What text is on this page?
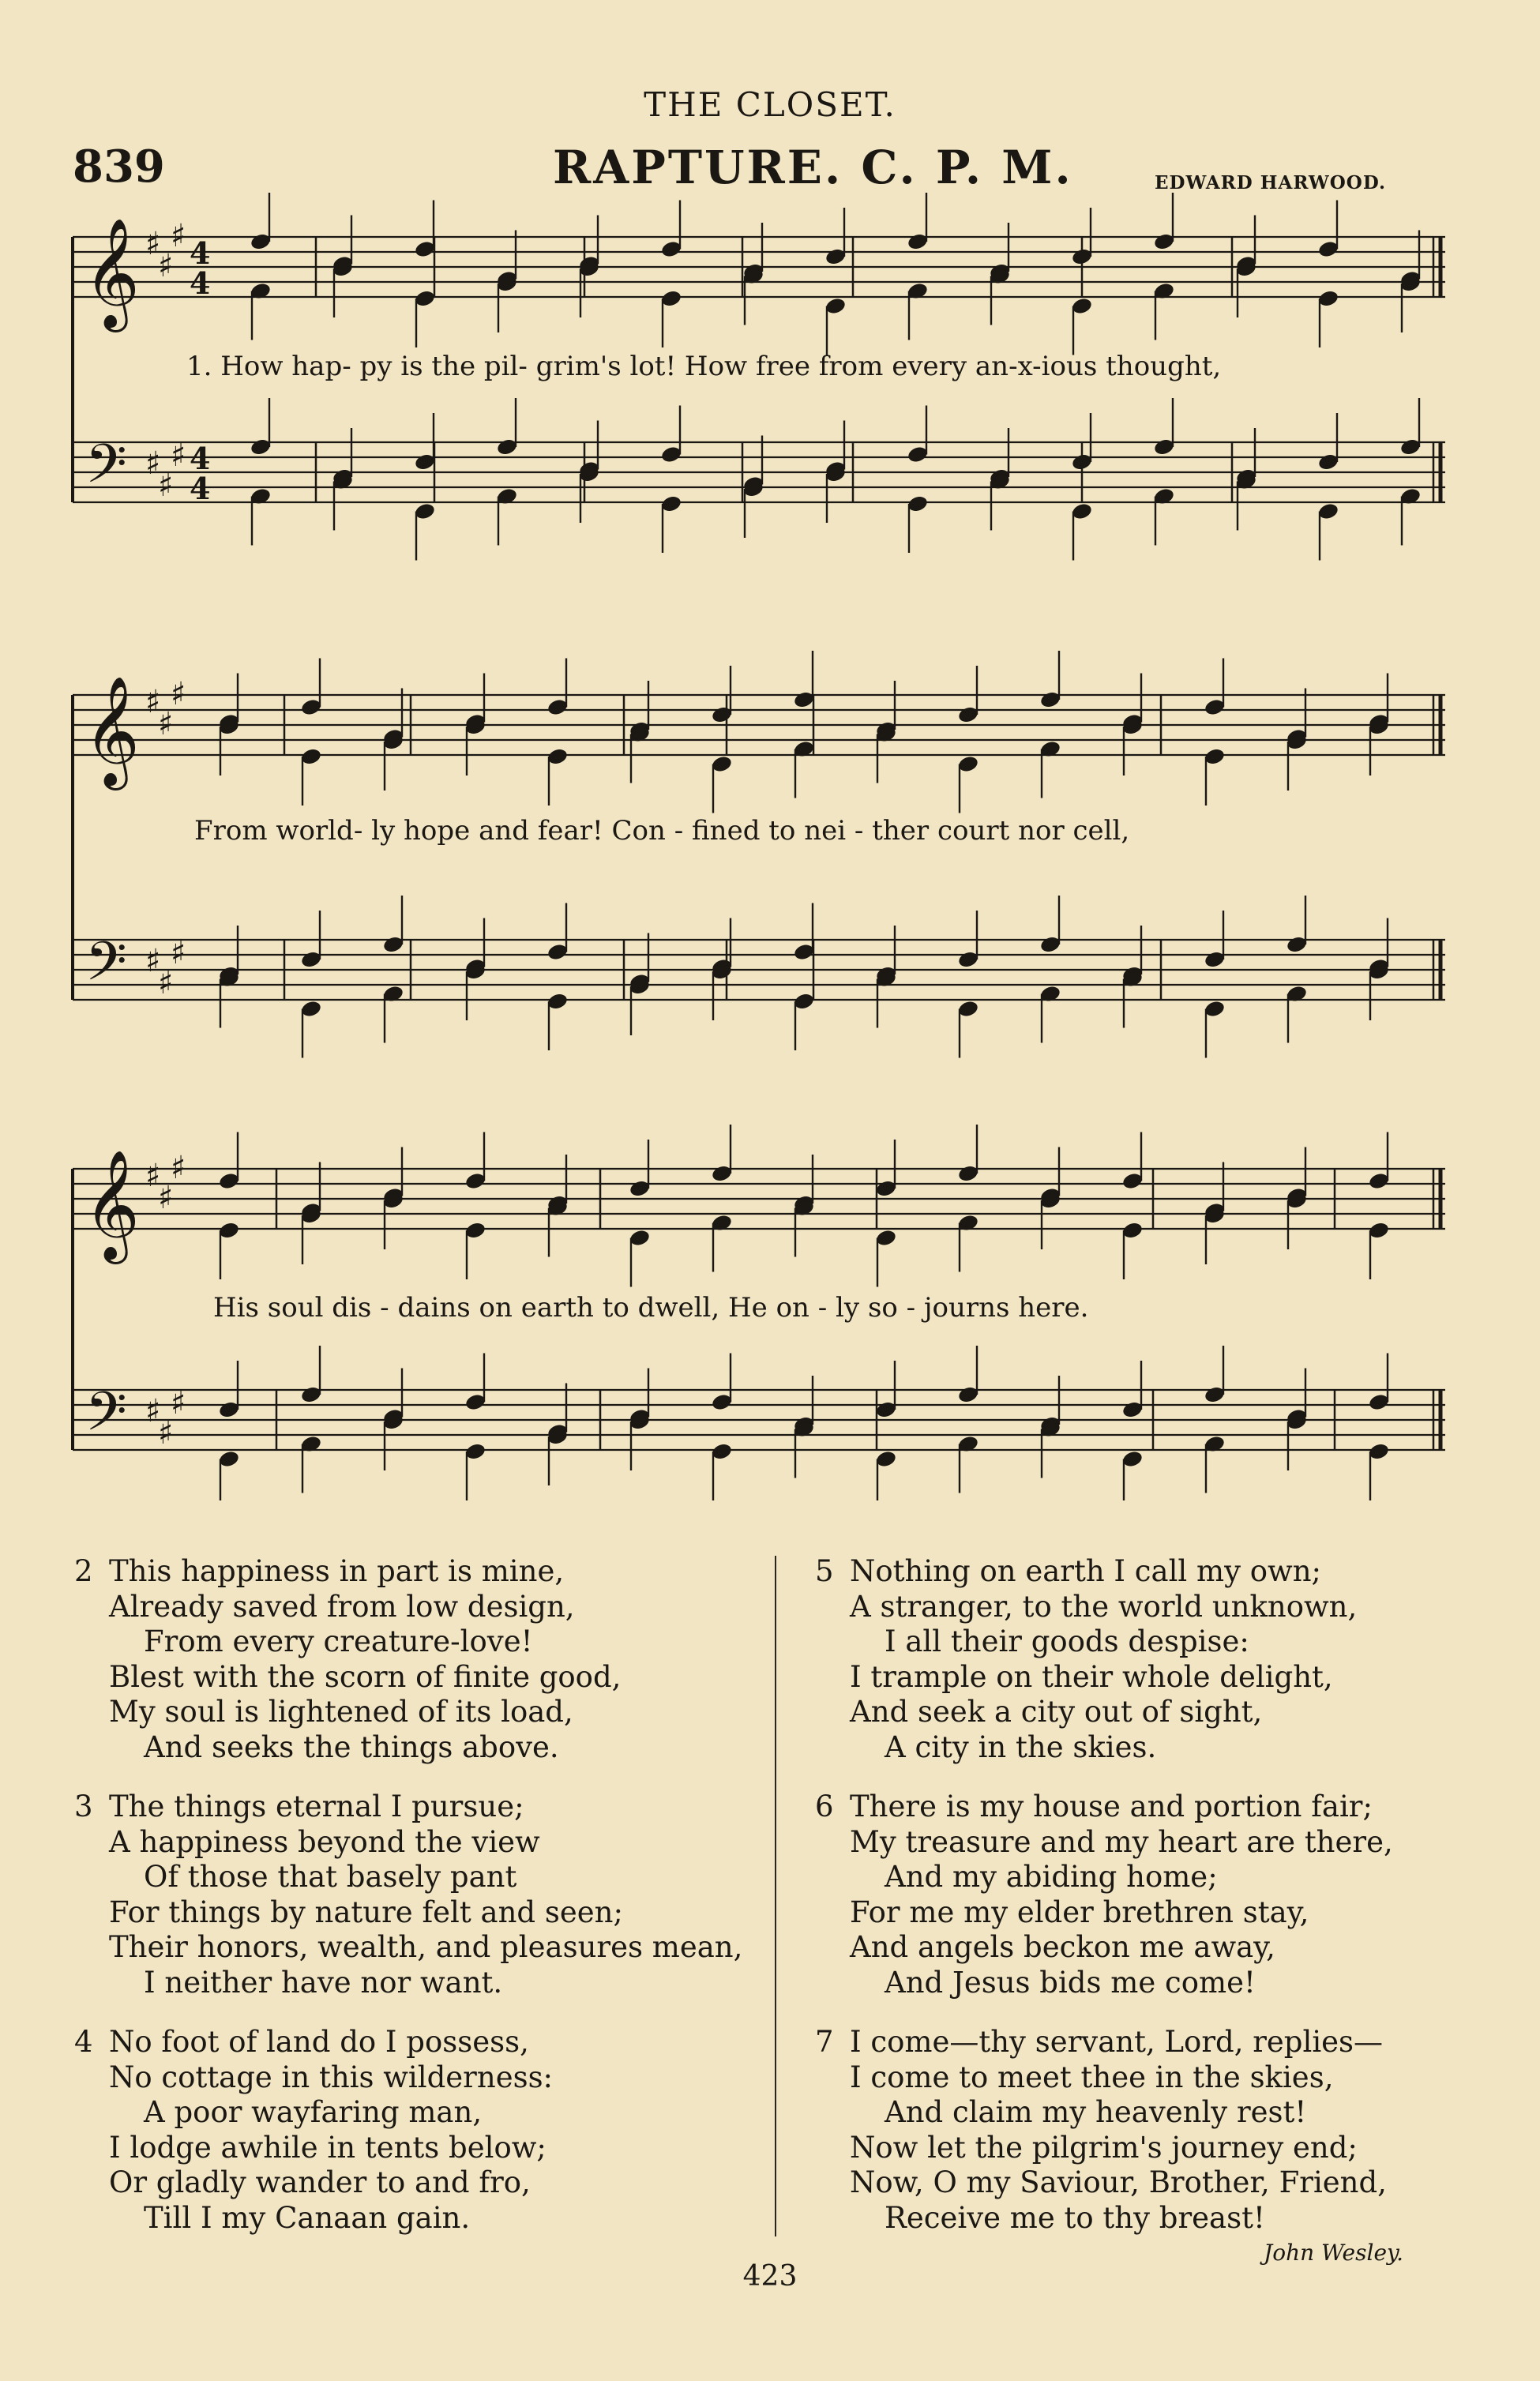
THE CLOSET.
839	RAPTURE. C. P. M.	EDWARD HARWOOD.
𝄞
𝄢
♯
♯
♯
♯
♯
♯
4
4
4
4
𝄞
𝄢
♯
♯
♯
♯
♯
♯
𝄞
𝄢
♯
♯
♯
♯
♯
♯
1. How hap- py is the pil- grim's lot! How free from every an-x-ious thought,
From world- ly hope and fear! Con - fined to nei - ther court nor cell,
His soul dis - dains on earth to dwell, He on - ly so - journs here.
2 This happiness in part is mine,
Already saved from low design,
From every creature-love!
Blest with the scorn of finite good,
My soul is lightened of its load,
And seeks the things above.
3 The things eternal I pursue;
A happiness beyond the view
Of those that basely pant
For things by nature felt and seen;
Their honors, wealth, and pleasures mean,
I neither have nor want.
4 No foot of land do I possess,
No cottage in this wilderness:
A poor wayfaring man,
I lodge awhile in tents below;
Or gladly wander to and fro,
Till I my Canaan gain.
5 Nothing on earth I call my own;
A stranger, to the world unknown,
I all their goods despise:
I trample on their whole delight,
And seek a city out of sight,
A city in the skies.
6 There is my house and portion fair;
My treasure and my heart are there,
And my abiding home;
For me my elder brethren stay,
And angels beckon me away,
And Jesus bids me come!
7 I come—thy servant, Lord, replies—
I come to meet thee in the skies,
And claim my heavenly rest!
Now let the pilgrim's journey end;
Now, O my Saviour, Brother, Friend,
Receive me to thy breast!
John Wesley.
423
